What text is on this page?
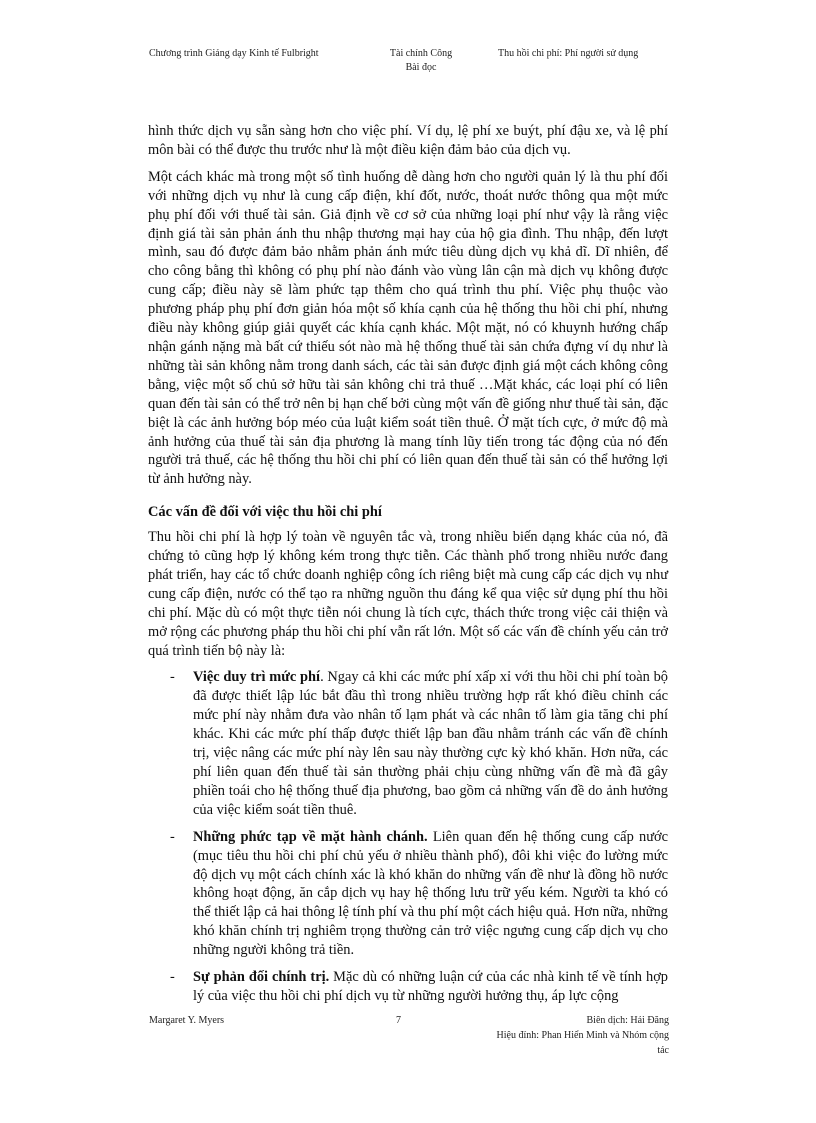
Chương trình Giảng dạy Kinh tế Fulbright	Tài chính Công
Bài đọc
Thu hồi chi phí: Phí người sử dụng

hình thức dịch vụ sẵn sàng hơn cho việc phí. Ví dụ, lệ phí xe buýt, phí đậu xe, và lệ phí môn bài có thể được thu trước như là một điều kiện đảm bảo của dịch vụ.

Một cách khác mà trong một số tình huống dễ dàng hơn cho người quản lý là thu phí đối với những dịch vụ như là cung cấp điện, khí đốt, nước, thoát nước thông qua một mức phụ phí đối với thuế tài sản. Giả định về cơ sở của những loại phí như vậy là rằng việc định giá tài sản phản ánh thu nhập thương mại hay của hộ gia đình. Thu nhập, đến lượt mình, sau đó được đảm bảo nhằm phản ánh mức tiêu dùng dịch vụ khả dĩ. Dĩ nhiên, để cho công bằng thì không có phụ phí nào đánh vào vùng lân cận mà dịch vụ không được cung cấp; điều này sẽ làm phức tạp thêm cho quá trình thu phí. Việc phụ thuộc vào phương pháp phụ phí đơn giản hóa một số khía cạnh của hệ thống thu hồi chi phí, nhưng điều này không giúp giải quyết các khía cạnh khác. Một mặt, nó có khuynh hướng chấp nhận gánh nặng mà bất cứ thiếu sót nào mà hệ thống thuế tài sản chứa đựng ví dụ như là những tài sản không nằm trong danh sách, các tài sản được định giá một cách không công bằng, việc một số chủ sở hữu tài sản không chi trả thuế …Mặt khác, các loại phí có liên quan đến tài sản có thể trở nên bị hạn chế bởi cùng một vấn đề giống như thuế tài sản, đặc biệt là các ảnh hưởng bóp méo của luật kiểm soát tiền thuê. Ở mặt tích cực, ở mức độ mà ảnh hưởng của thuế tài sản địa phương là mang tính lũy tiến trong tác động của nó đến người trả thuế, các hệ thống thu hồi chi phí có liên quan đến thuế tài sản có thể hưởng lợi từ ảnh hưởng này.

Các vấn đề đối với việc thu hồi chi phí

Thu hồi chi phí là hợp lý toàn về nguyên tắc và, trong nhiều biến dạng khác của nó, đã chứng tỏ cũng hợp lý không kém trong thực tiễn. Các thành phố trong nhiều nước đang phát triển, hay các tổ chức doanh nghiệp công ích riêng biệt mà cung cấp các dịch vụ như cung cấp điện, nước có thể tạo ra những nguồn thu đáng kể qua việc sử dụng phí thu hồi chi phí. Mặc dù có một thực tiễn nói chung là tích cực, thách thức trong việc cải thiện và mở rộng các phương pháp thu hồi chi phí vẫn rất lớn. Một số các vấn đề chính yếu cản trở quá trình tiến bộ này là:

- Việc duy trì mức phí. Ngay cả khi các mức phí xấp xỉ với thu hồi chi phí toàn bộ đã được thiết lập lúc bắt đầu thì trong nhiều trường hợp rất khó điều chỉnh các mức phí này nhằm đưa vào nhân tố lạm phát và các nhân tố làm gia tăng chi phí khác. Khi các mức phí thấp được thiết lập ban đầu nhằm tránh các vấn đề chính trị, việc nâng các mức phí này lên sau này thường cực kỳ khó khăn. Hơn nữa, các phí liên quan đến thuế tài sản thường phải chịu cùng những vấn đề mà đã gây phiền toái cho hệ thống thuế địa phương, bao gồm cả những vấn đề do ảnh hưởng của việc kiểm soát tiền thuê.
- Những phức tạp về mặt hành chánh. Liên quan đến hệ thống cung cấp nước (mục tiêu thu hồi chi phí chủ yếu ở nhiều thành phố), đôi khi việc đo lường mức độ dịch vụ một cách chính xác là khó khăn do những vấn đề như là đồng hồ nước không hoạt động, ăn cắp dịch vụ hay hệ thống lưu trữ yếu kém. Người ta khó có thể thiết lập cả hai thông lệ tính phí và thu phí một cách hiệu quả. Hơn nữa, những khó khăn chính trị nghiêm trọng thường cản trở việc ngưng cung cấp dịch vụ cho những người không trả tiền.
- Sự phản đối chính trị. Mặc dù có những luận cứ của các nhà kinh tế về tính hợp lý của việc thu hồi chi phí dịch vụ từ những người hưởng thụ, áp lực cộng
Margaret Y. Myers	7	Biên dịch: Hải Đăng
Hiệu đính: Phan Hiển Minh và Nhóm cộng
tác
